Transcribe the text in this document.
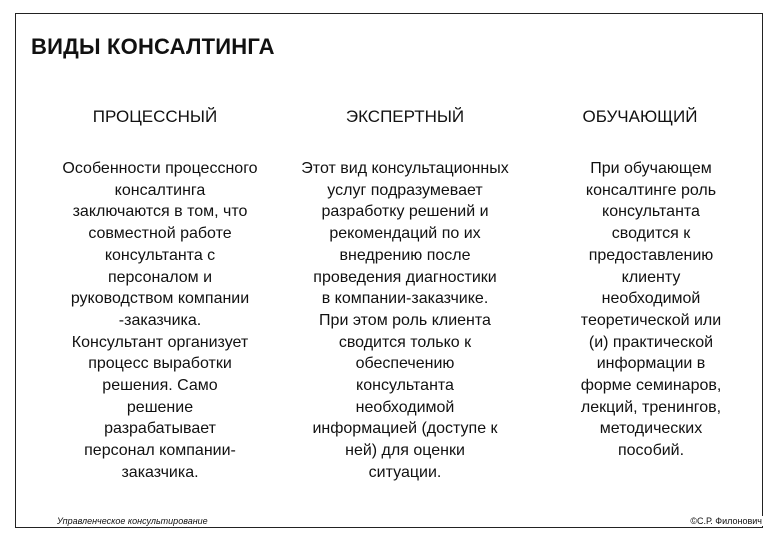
ВИДЫ КОНСАЛТИНГА
ПРОЦЕССНЫЙ
Особенности процессного
консалтинга
заключаются в том, что
совместной работе
консультанта с
персоналом и
руководством компании
-заказчика.
Консультант организует
процесс выработки
решения. Само
решение
разрабатывает
персонал компании-
заказчика.
ЭКСПЕРТНЫЙ
Этот вид консультационных
услуг подразумевает
разработку решений и
рекомендаций по их
внедрению после
проведения диагностики
в компании-заказчике.
При этом роль клиента
сводится только к
обеспечению
консультанта
необходимой
информацией (доступе к
ней) для оценки
ситуации.
ОБУЧАЮЩИЙ
При обучающем
консалтинге роль
консультанта
сводится к
предоставлению
клиенту
необходимой
теоретической или
(и) практической
информации в
форме семинаров,
лекций, тренингов,
методических
пособий.
Управленческое консультирование	©С.Р. Филонович
